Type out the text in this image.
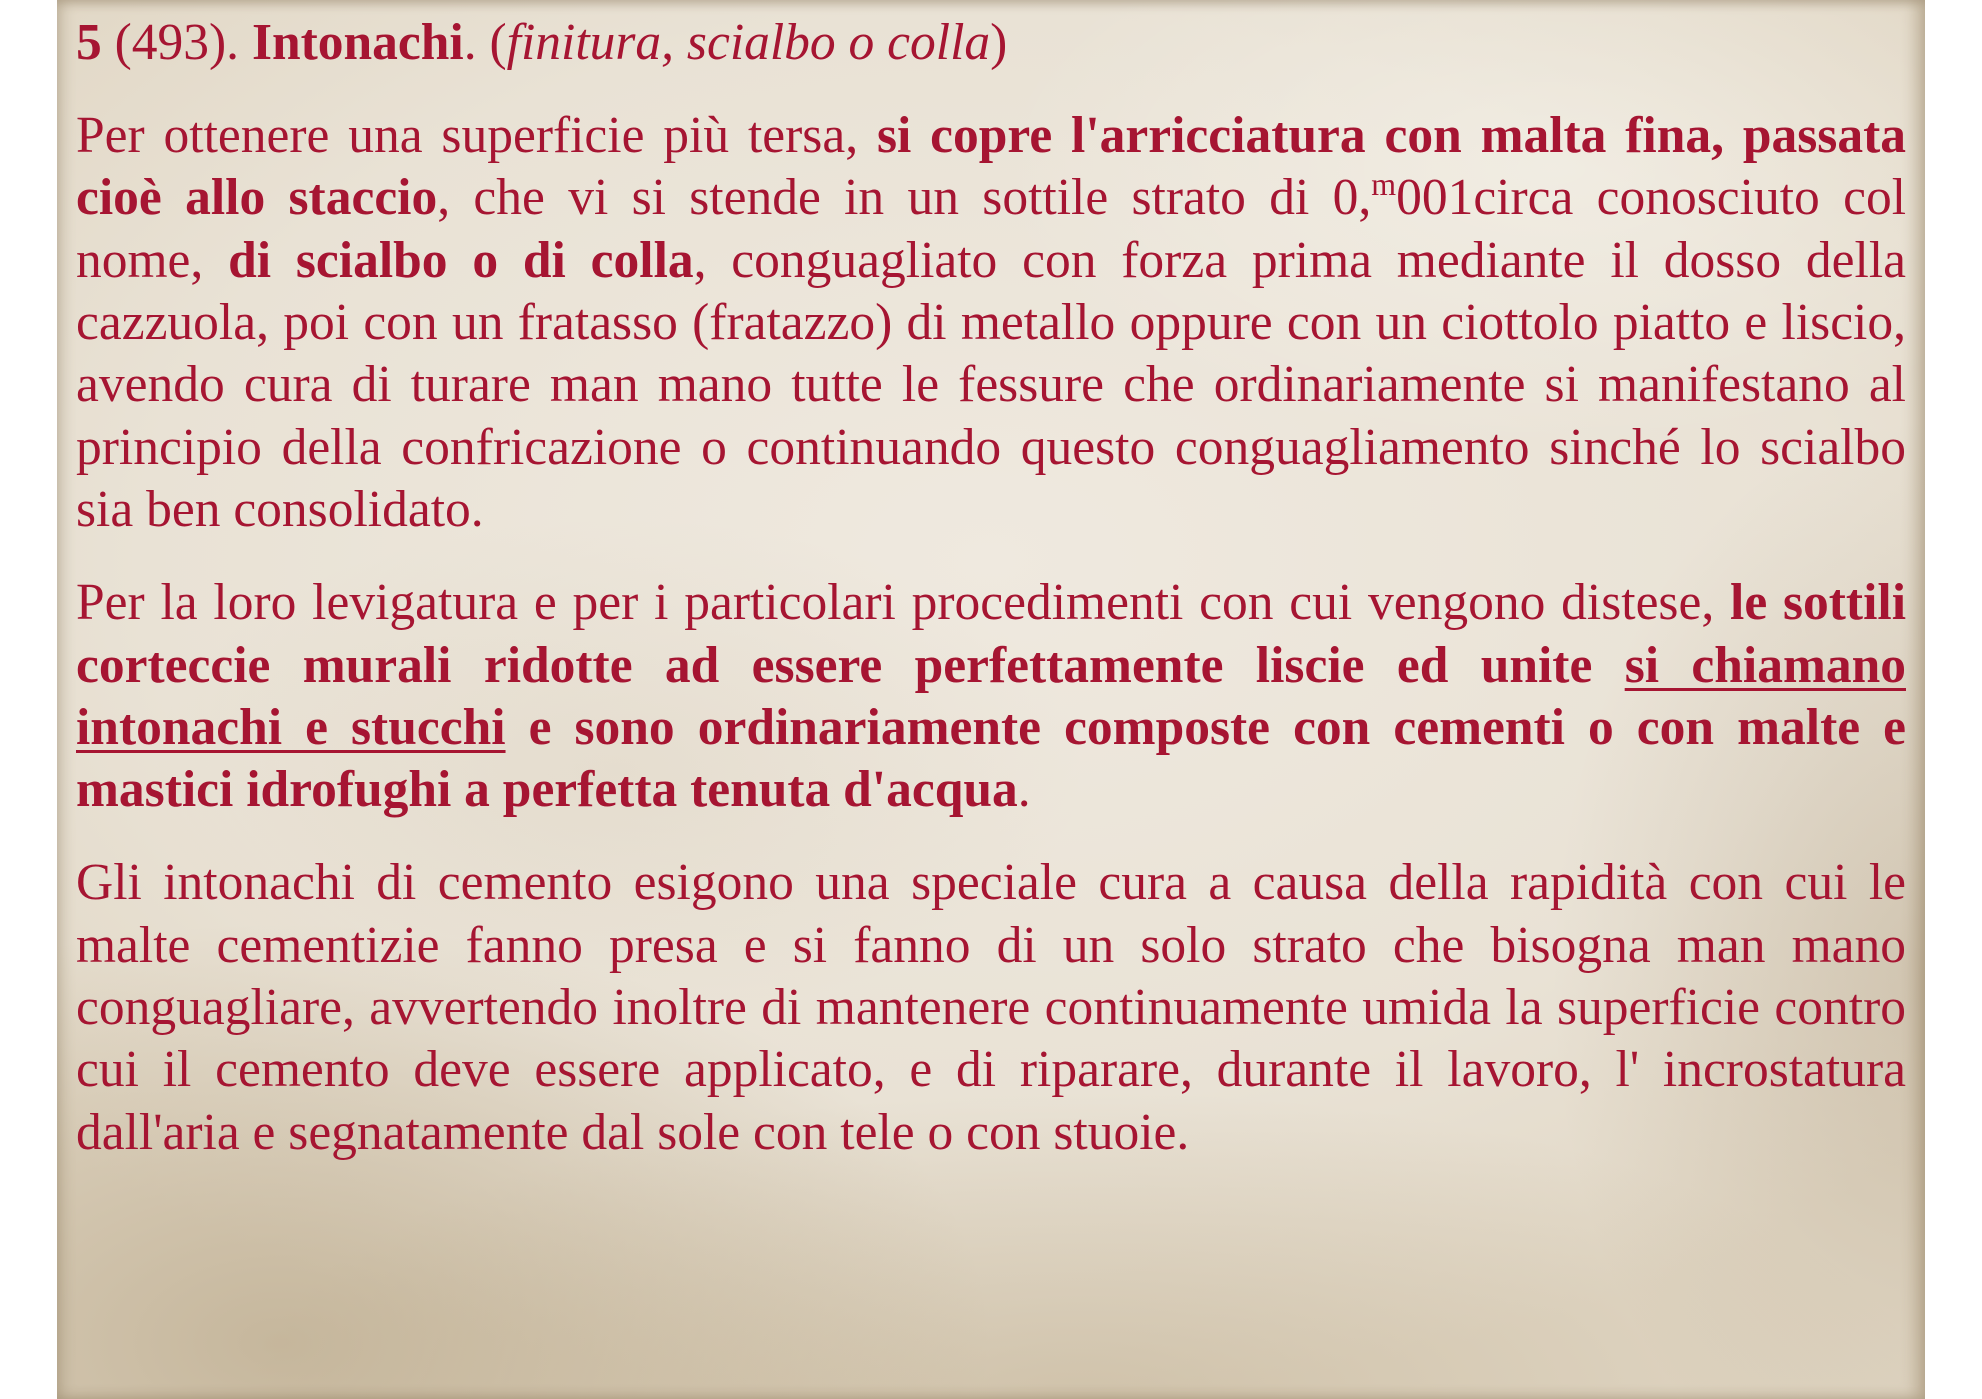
5 (493). Intonachi. (finitura, scialbo o colla)
Per ottenere una superficie più tersa, si copre l'arricciatura con malta fina, passata
cioè allo staccio, che vi si stende in un sottile strato di 0,$^m$001circa conosciuto col
nome, di scialbo o di colla, conguagliato con forza prima mediante il dosso della
cazzuola, poi con un fratasso (fratazzo) di metallo oppure con un ciottolo piatto e liscio,
avendo cura di turare man mano tutte le fessure che ordinariamente si manifestano al
principio della confricazione o continuando questo conguagliamento sinché lo scialbo
sia ben consolidato.
Per la loro levigatura e per i particolari procedimenti con cui vengono distese, le sottili
corteccie murali ridotte ad essere perfettamente liscie ed unite si chiamano
intonachi e stucchi e sono ordinariamente composte con cementi o con malte e
mastici idrofughi a perfetta tenuta d'acqua.
Gli intonachi di cemento esigono una speciale cura a causa della rapidità con cui le
malte cementizie fanno presa e si fanno di un solo strato che bisogna man mano
conguagliare, avvertendo inoltre di mantenere continuamente umida la superficie contro
cui il cemento deve essere applicato, e di riparare, durante il lavoro, l' incrostatura
dall'aria e segnatamente dal sole con tele o con stuoie.
